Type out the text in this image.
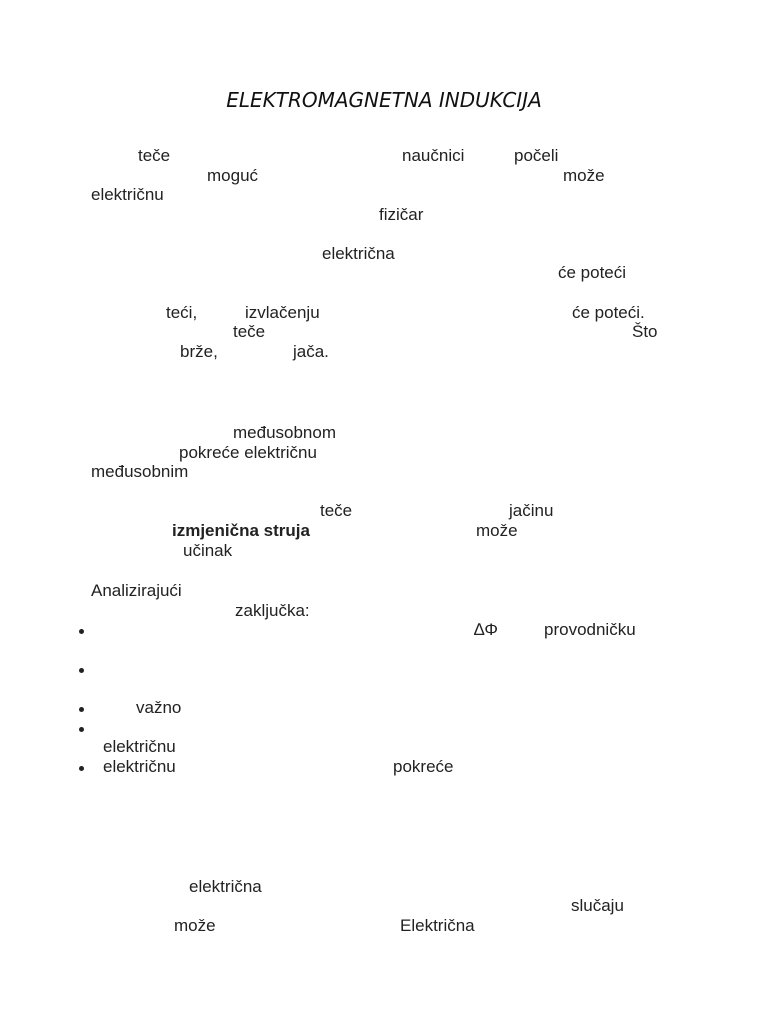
ELEKTROMAGNETNA INDUKCIJA
teče	naučnici	počeli
moguć	može
električnu
fizičar
električna
će poteći
teći,	izvlačenju	će poteći.
teče	Što
brže,	jača.
međusobnom
pokreće električnu
međusobnim
teče	jačinu
izmjenična struja	može
učinak
Analizirajući
zaključka:
∆Φ	provodničku
važno
električnu
električnu	pokreće
električna
slučaju
može	Električna
